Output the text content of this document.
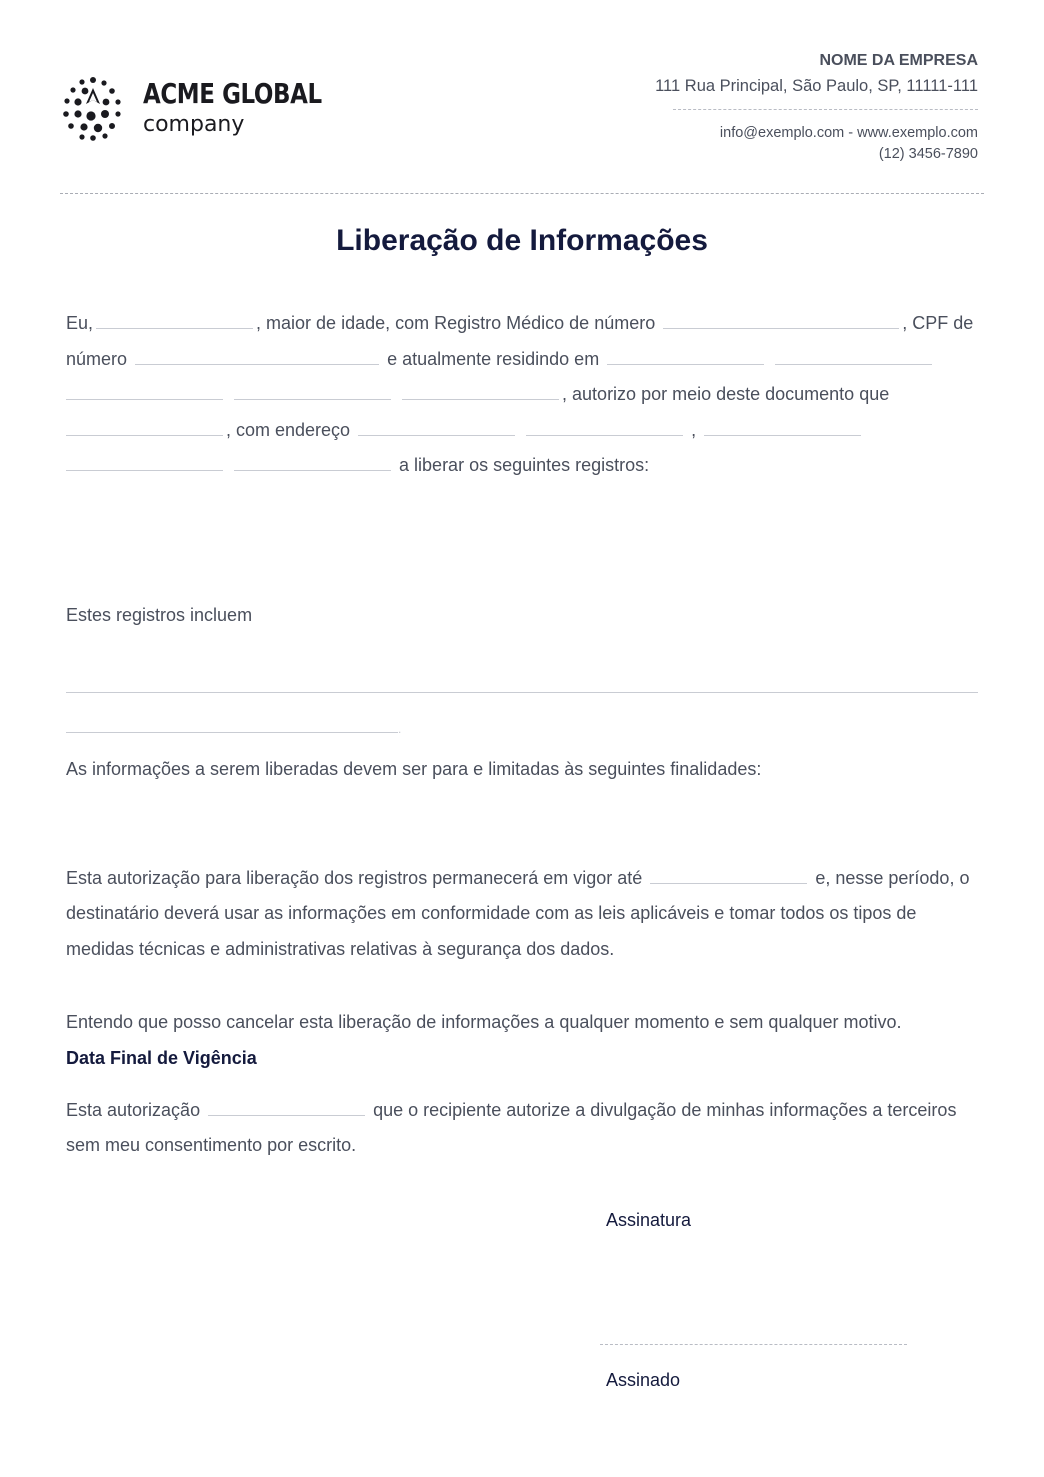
ACME GLOBAL
company
NOME DA EMPRESA
111 Rua Principal, São Paulo, SP, 11111-111
info@exemplo.com - www.exemplo.com
(12) 3456-7890
Liberação de Informações

Eu,	, maior de idade, com Registro Médico de número	, CPF de número	e atualmente residindo em     , autorizo por meio deste documento que , com endereço	,    a liberar os seguintes registros:

Estes registros incluem

.

As informações a serem liberadas devem ser para e limitadas às seguintes finalidades:

Esta autorização para liberação dos registros permanecerá em vigor até	e, nesse período, o destinatário deverá usar as informações em conformidade com as leis aplicáveis e tomar todos os tipos de medidas técnicas e administrativas relativas à segurança dos dados.

Entendo que posso cancelar esta liberação de informações a qualquer momento e sem qualquer motivo.

Data Final de Vigência

Esta autorização	que o recipiente autorize a divulgação de minhas informações a terceiros sem meu consentimento por escrito.

Assinatura
Assinado
